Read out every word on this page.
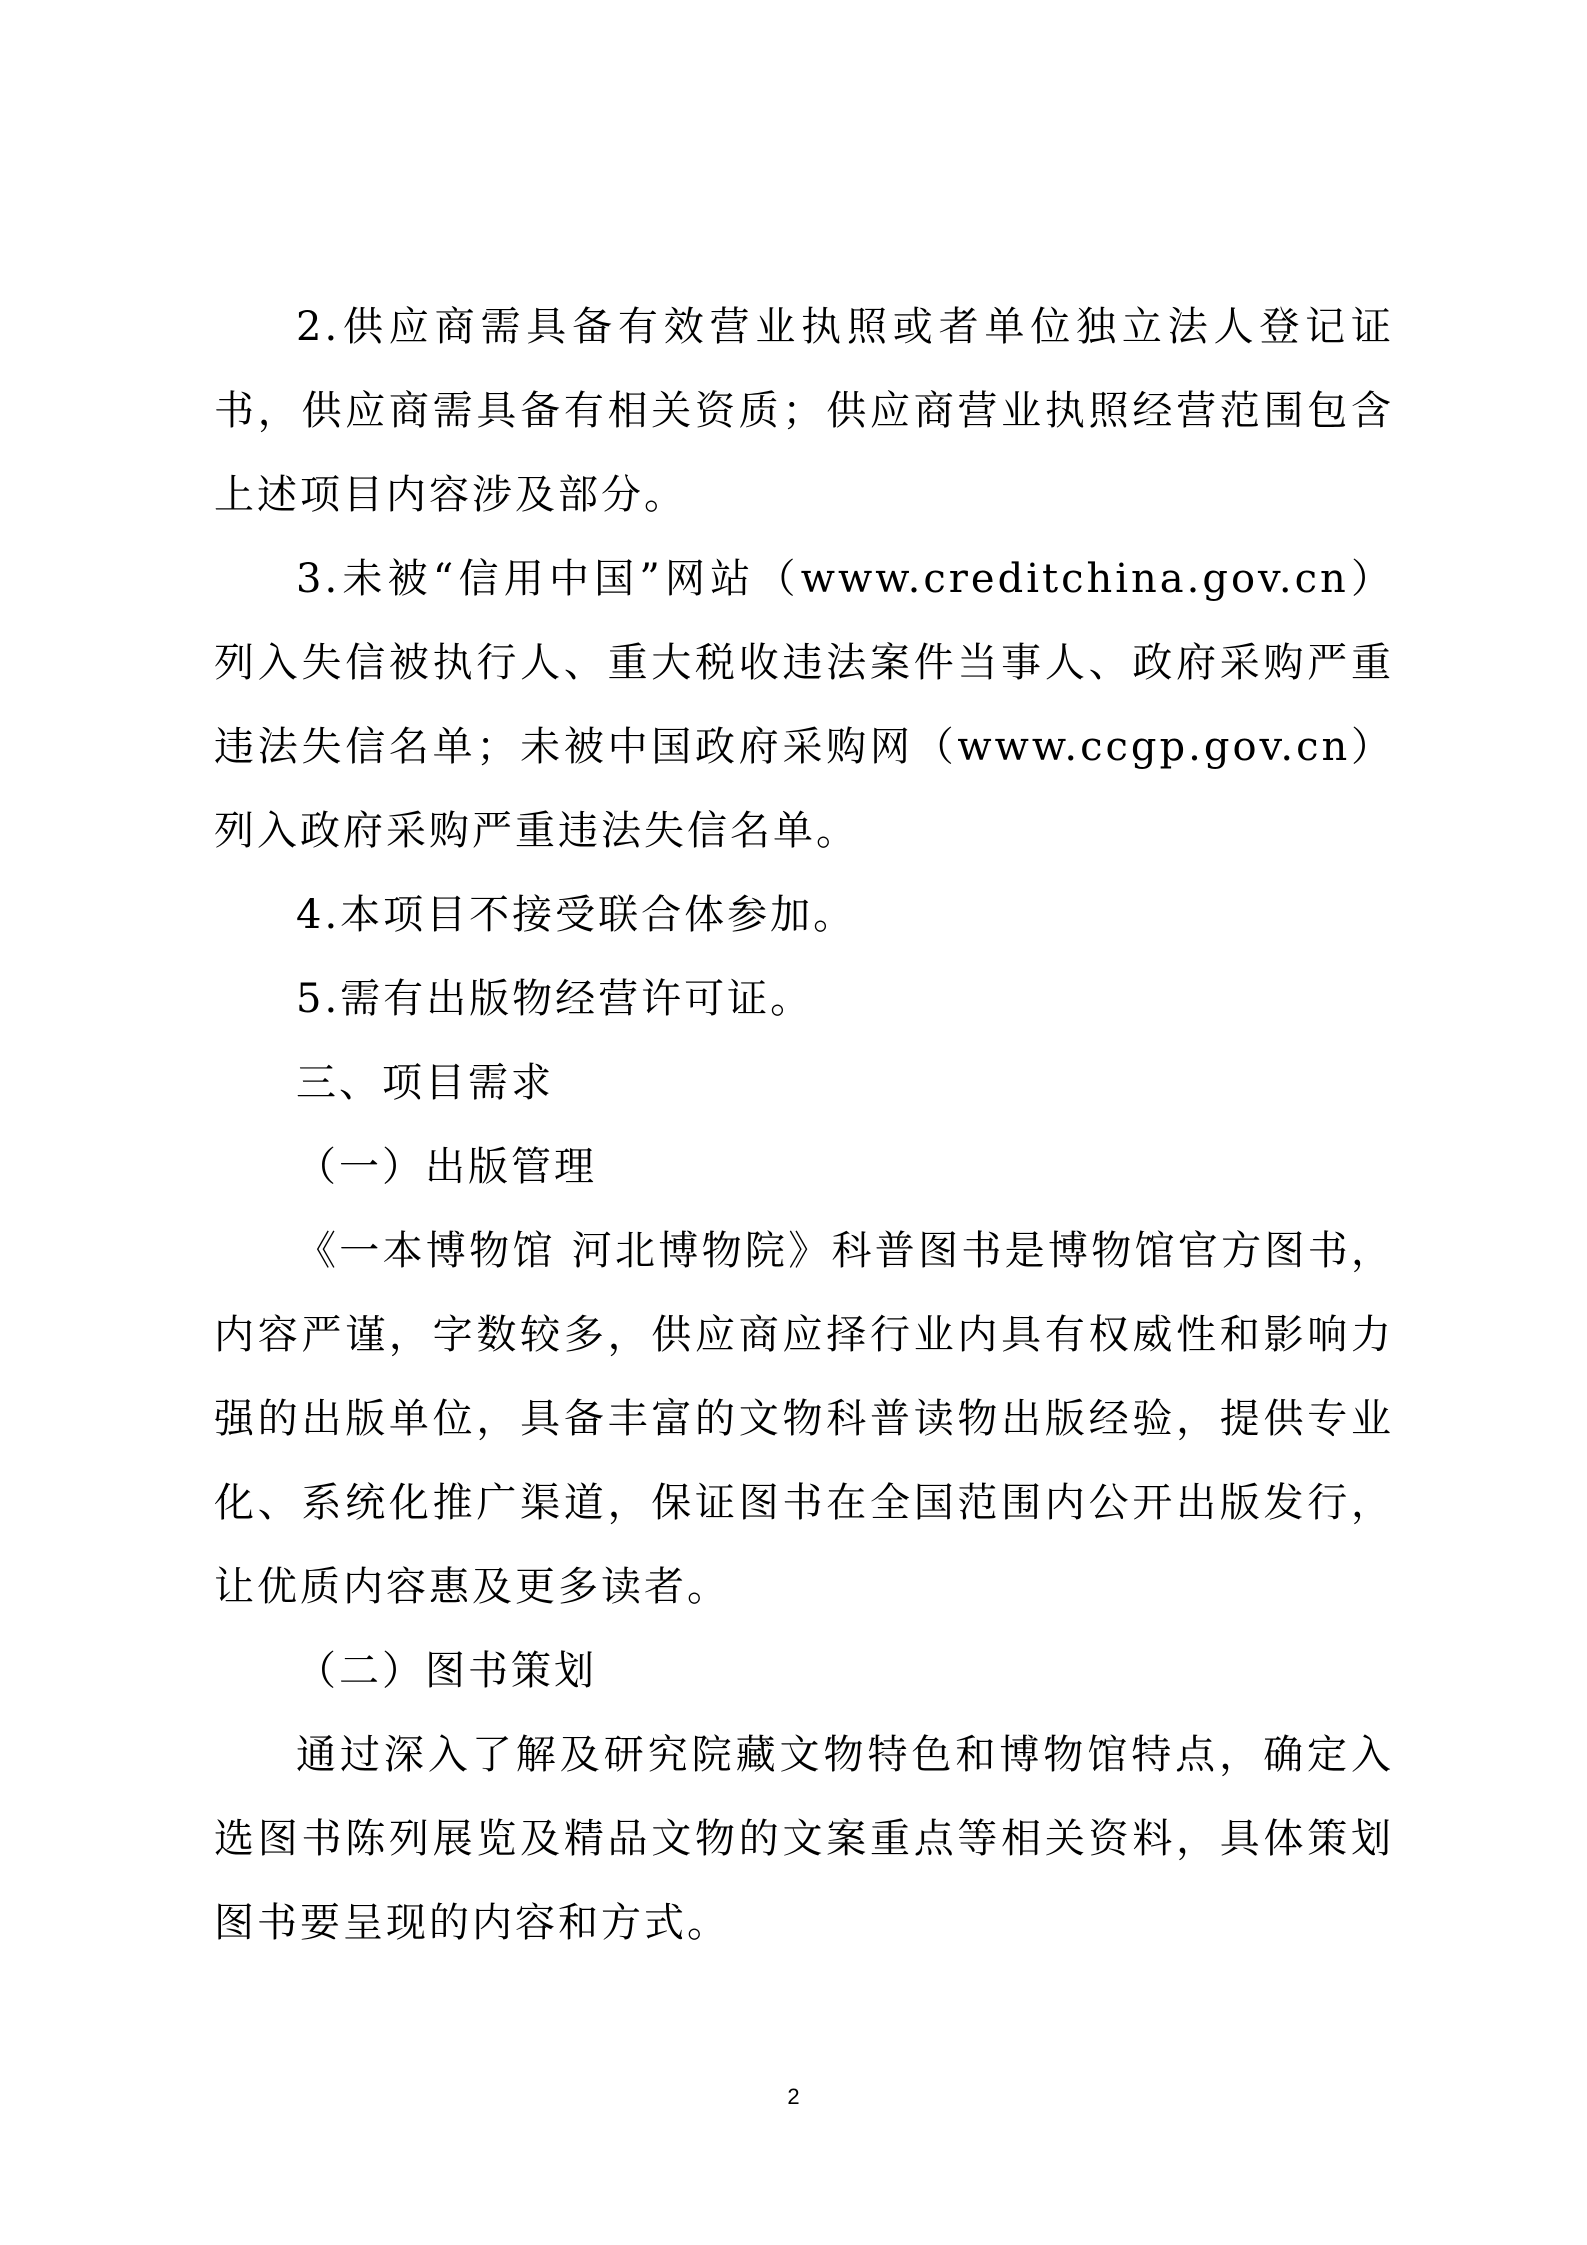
2.供应商需具备有效营业执照或者单位独立法人登记证书，供应商需具备有相关资质；供应商营业执照经营范围包含上述项目内容涉及部分。

3.未被“信用中国”网站（www.creditchina.gov.cn）列入失信被执行人、重大税收违法案件当事人、政府采购严重违法失信名单；未被中国政府采购网（www.ccgp.gov.cn）列入政府采购严重违法失信名单。

4.本项目不接受联合体参加。

5.需有出版物经营许可证。

三、项目需求

（一）出版管理

《一本博物馆 河北博物院》科普图书是博物馆官方图书，内容严谨，字数较多，供应商应择行业内具有权威性和影响力强的出版单位，具备丰富的文物科普读物出版经验，提供专业化、系统化推广渠道，保证图书在全国范围内公开出版发行，让优质内容惠及更多读者。

（二）图书策划

通过深入了解及研究院藏文物特色和博物馆特点，确定入选图书陈列展览及精品文物的文案重点等相关资料，具体策划图书要呈现的内容和方式。

2
